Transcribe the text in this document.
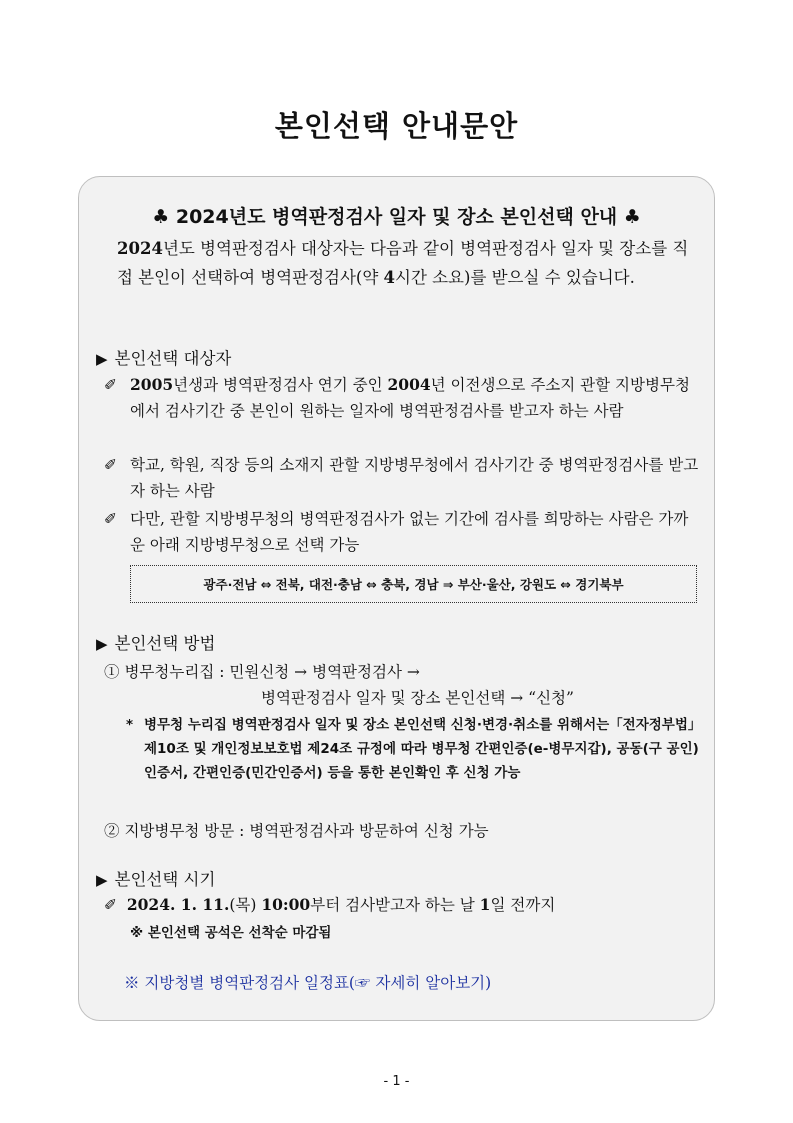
본인선택 안내문안
♣ 2024년도 병역판정검사 일자 및 장소 본인선택 안내 ♣
2024년도 병역판정검사 대상자는 다음과 같이 병역판정검사 일자 및 장소를 직접 본인이 선택하여 병역판정검사(약 4시간 소요)를 받으실 수 있습니다.
▶ 본인선택 대상자
✐ 2005년생과 병역판정검사 연기 중인 2004년 이전생으로 주소지 관할 지방병무청에서 검사기간 중 본인이 원하는 일자에 병역판정검사를 받고자 하는 사람
✐ 학교, 학원, 직장 등의 소재지 관할 지방병무청에서 검사기간 중 병역판정검사를 받고자 하는 사람
✐ 다만, 관할 지방병무청의 병역판정검사가 없는 기간에 검사를 희망하는 사람은 가까운 아래 지방병무청으로 선택 가능
광주·전남 ⇔ 전북, 대전·충남 ⇔ 충북, 경남 ⇒ 부산·울산, 강원도 ⇔ 경기북부
▶ 본인선택 방법
① 병무청누리집 : 민원신청 → 병역판정검사 →
병역판정검사 일자 및 장소 본인선택 → “신청”
* 병무청 누리집 병역판정검사 일자 및 장소 본인선택 신청·변경·취소를 위해서는「전자정부법」제10조 및 개인정보보호법 제24조 규정에 따라 병무청 간편인증(e-병무지갑), 공동(구 공인)인증서, 간편인증(민간인증서) 등을 통한 본인확인 후 신청 가능
② 지방병무청 방문 : 병역판정검사과 방문하여 신청 가능
▶ 본인선택 시기
✐ 2024. 1. 11.(목) 10:00부터 검사받고자 하는 날 1일 전까지
※ 본인선택 공석은 선착순 마감됨
※ 지방청별 병역판정검사 일정표(☞ 자세히 알아보기)
- 1 -
